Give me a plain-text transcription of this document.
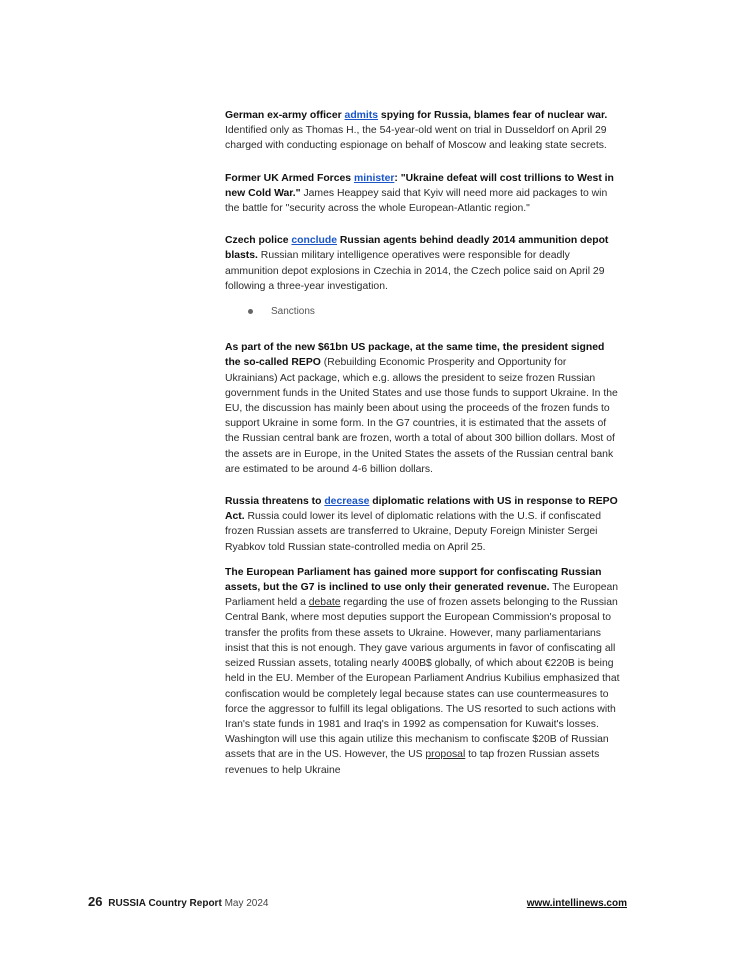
German ex-army officer admits spying for Russia, blames fear of nuclear war. Identified only as Thomas H., the 54-year-old went on trial in Dusseldorf on April 29 charged with conducting espionage on behalf of Moscow and leaking state secrets.

Former UK Armed Forces minister: "Ukraine defeat will cost trillions to West in new Cold War." James Heappey said that Kyiv will need more aid packages to win the battle for "security across the whole European-Atlantic region."

Czech police conclude Russian agents behind deadly 2014 ammunition depot blasts. Russian military intelligence operatives were responsible for deadly ammunition depot explosions in Czechia in 2014, the Czech police said on April 29 following a three-year investigation.

Sanctions

As part of the new $61bn US package, at the same time, the president signed the so-called REPO (Rebuilding Economic Prosperity and Opportunity for Ukrainians) Act package, which e.g. allows the president to seize frozen Russian government funds in the United States and use those funds to support Ukraine. In the EU, the discussion has mainly been about using the proceeds of the frozen funds to support Ukraine in some form. In the G7 countries, it is estimated that the assets of the Russian central bank are frozen, worth a total of about 300 billion dollars. Most of the assets are in Europe, in the United States the assets of the Russian central bank are estimated to be around 4-6 billion dollars.

Russia threatens to decrease diplomatic relations with US in response to REPO Act. Russia could lower its level of diplomatic relations with the U.S. if confiscated frozen Russian assets are transferred to Ukraine, Deputy Foreign Minister Sergei Ryabkov told Russian state-controlled media on April 25.

The European Parliament has gained more support for confiscating Russian assets, but the G7 is inclined to use only their generated revenue. The European Parliament held a debate regarding the use of frozen assets belonging to the Russian Central Bank, where most deputies support the European Commission's proposal to transfer the profits from these assets to Ukraine. However, many parliamentarians insist that this is not enough. They gave various arguments in favor of confiscating all seized Russian assets, totaling nearly 400B$ globally, of which about €220B is being held in the EU. Member of the European Parliament Andrius Kubilius emphasized that confiscation would be completely legal because states can use countermeasures to force the aggressor to fulfill its legal obligations. The US resorted to such actions with Iran's state funds in 1981 and Iraq's in 1992 as compensation for Kuwait's losses. Washington will use this again utilize this mechanism to confiscate $20B of Russian assets that are in the US. However, the US proposal to tap frozen Russian assets revenues to help Ukraine

26 RUSSIA Country Report May 2024	www.intellinews.com
